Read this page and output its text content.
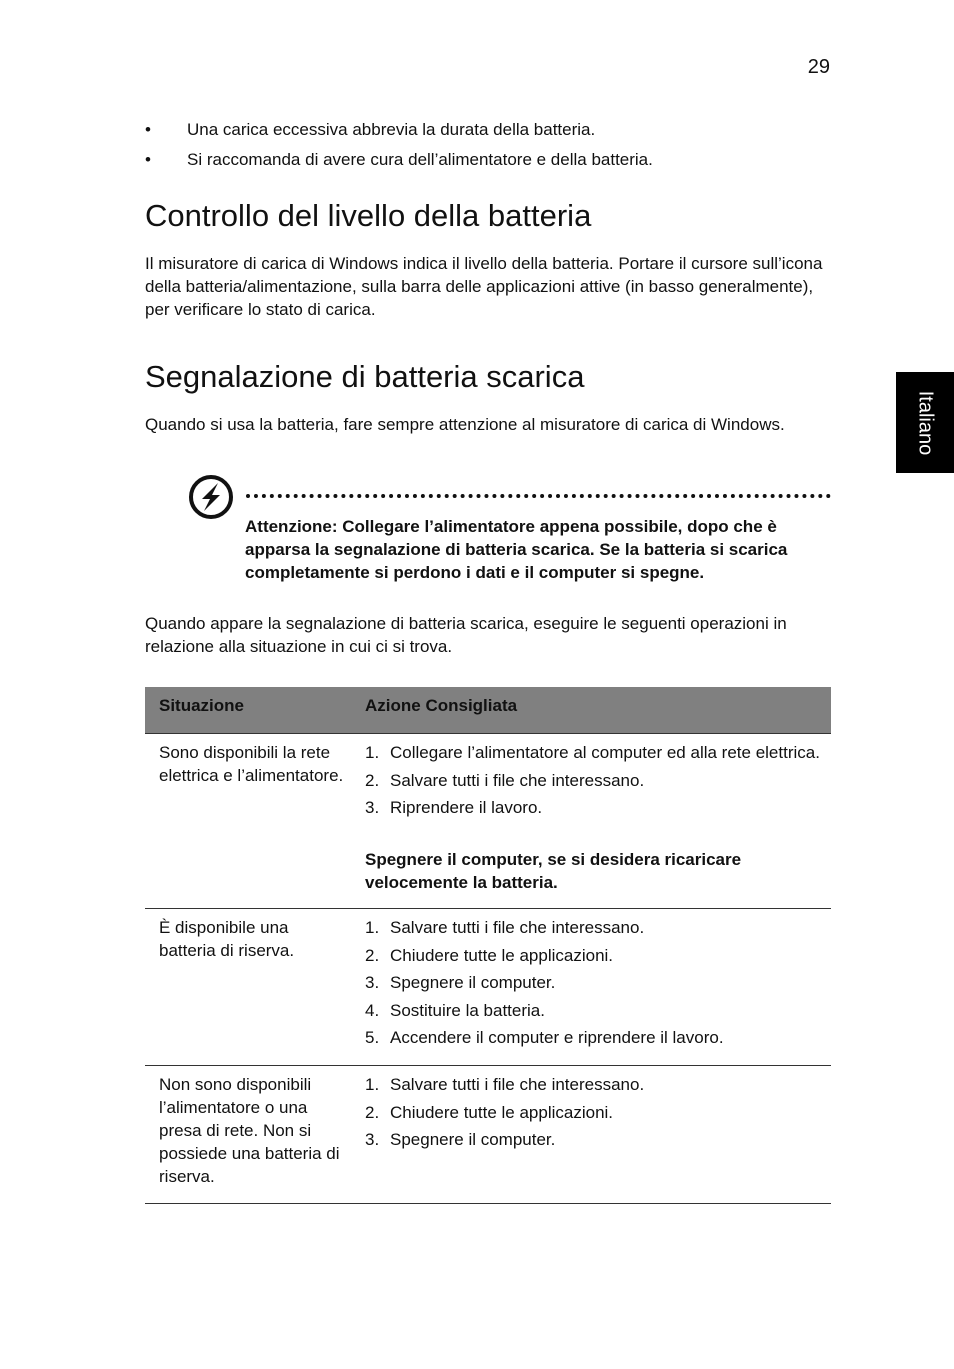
29
Italiano
• Una carica eccessiva abbrevia la durata della batteria.
• Si raccomanda di avere cura dell’alimentatore e della batteria.
Controllo del livello della batteria

Il misuratore di carica di Windows indica il livello della batteria. Portare il cursore sull’icona della batteria/alimentazione, sulla barra delle applicazioni attive (in basso generalmente), per verificare lo stato di carica.

Segnalazione di batteria scarica

Quando si usa la batteria, fare sempre attenzione al misuratore di carica di Windows.

Attenzione: Collegare l’alimentatore appena possibile, dopo che è apparsa la segnalazione di batteria scarica. Se la batteria si scarica completamente si perdono i dati e il computer si spegne.

Quando appare la segnalazione di batteria scarica, eseguire le seguenti operazioni in relazione alla situazione in cui ci si trova.

Situazione	Azione Consigliata
Sono disponibili la rete elettrica e l’alimentatore.
1. Collegare l’alimentatore al computer ed alla rete elettrica.
2. Salvare tutti i file che interessano.
3. Riprendere il lavoro.
Spegnere il computer, se si desidera ricaricare velocemente la batteria.
È disponibile una batteria di riserva.
1. Salvare tutti i file che interessano.
2. Chiudere tutte le applicazioni.
3. Spegnere il computer.
4. Sostituire la batteria.
5. Accendere il computer e riprendere il lavoro.
Non sono disponibili l’alimentatore o una presa di rete. Non si possiede una batteria di riserva.
1. Salvare tutti i file che interessano.
2. Chiudere tutte le applicazioni.
3. Spegnere il computer.
